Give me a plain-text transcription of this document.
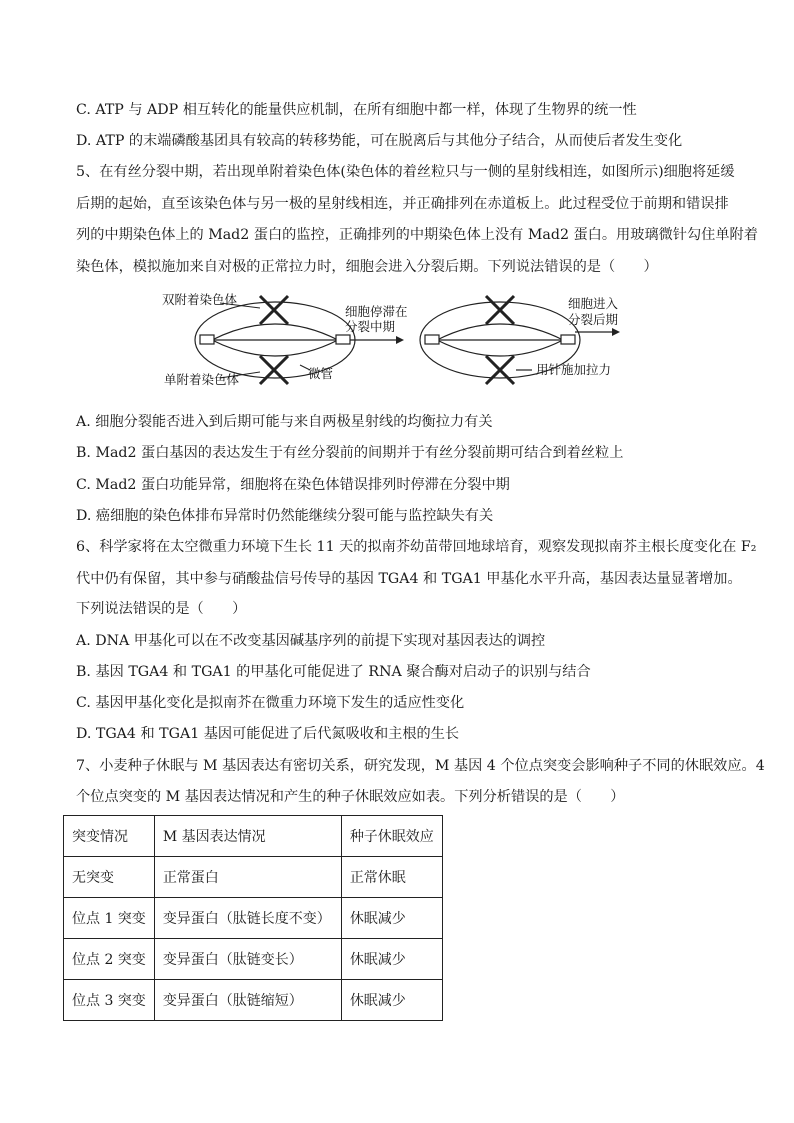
C. ATP 与 ADP 相互转化的能量供应机制，在所有细胞中都一样，体现了生物界的统一性
D. ATP 的末端磷酸基团具有较高的转移势能，可在脱离后与其他分子结合，从而使后者发生变化
5、在有丝分裂中期，若出现单附着染色体(染色体的着丝粒只与一侧的星射线相连，如图所示)细胞将延缓
后期的起始，直至该染色体与另一极的星射线相连，并正确排列在赤道板上。此过程受位于前期和错误排
列的中期染色体上的 Mad2 蛋白的监控，正确排列的中期染色体上没有 Mad2 蛋白。用玻璃微针勾住单附着
染色体，模拟施加来自对极的正常拉力时，细胞会进入分裂后期。下列说法错误的是（　　）
双附着染色体
单附着染色体	微管
细胞停滞在
分裂中期
细胞进入
分裂后期
用针施加拉力
A. 细胞分裂能否进入到后期可能与来自两极星射线的均衡拉力有关
B. Mad2 蛋白基因的表达发生于有丝分裂前的间期并于有丝分裂前期可结合到着丝粒上
C. Mad2 蛋白功能异常，细胞将在染色体错误排列时停滞在分裂中期
D. 癌细胞的染色体排布异常时仍然能继续分裂可能与监控缺失有关
6、科学家将在太空微重力环境下生长 11 天的拟南芥幼苗带回地球培育，观察发现拟南芥主根长度变化在 F₂
代中仍有保留，其中参与硝酸盐信号传导的基因 TGA4 和 TGA1 甲基化水平升高，基因表达量显著增加。
下列说法错误的是（　　）
A. DNA 甲基化可以在不改变基因碱基序列的前提下实现对基因表达的调控
B. 基因 TGA4 和 TGA1 的甲基化可能促进了 RNA 聚合酶对启动子的识别与结合
C. 基因甲基化变化是拟南芥在微重力环境下发生的适应性变化
D. TGA4 和 TGA1 基因可能促进了后代氮吸收和主根的生长
7、小麦种子休眠与 M 基因表达有密切关系，研究发现，M 基因 4 个位点突变会影响种子不同的休眠效应。4
个位点突变的 M 基因表达情况和产生的种子休眠效应如表。下列分析错误的是（　　）
突变情况	M 基因表达情况	种子休眠效应
无突变	正常蛋白	正常休眠
位点 1 突变	变异蛋白（肽链长度不变）	休眠减少
位点 2 突变	变异蛋白（肽链变长）	休眠减少
位点 3 突变	变异蛋白（肽链缩短）	休眠减少
